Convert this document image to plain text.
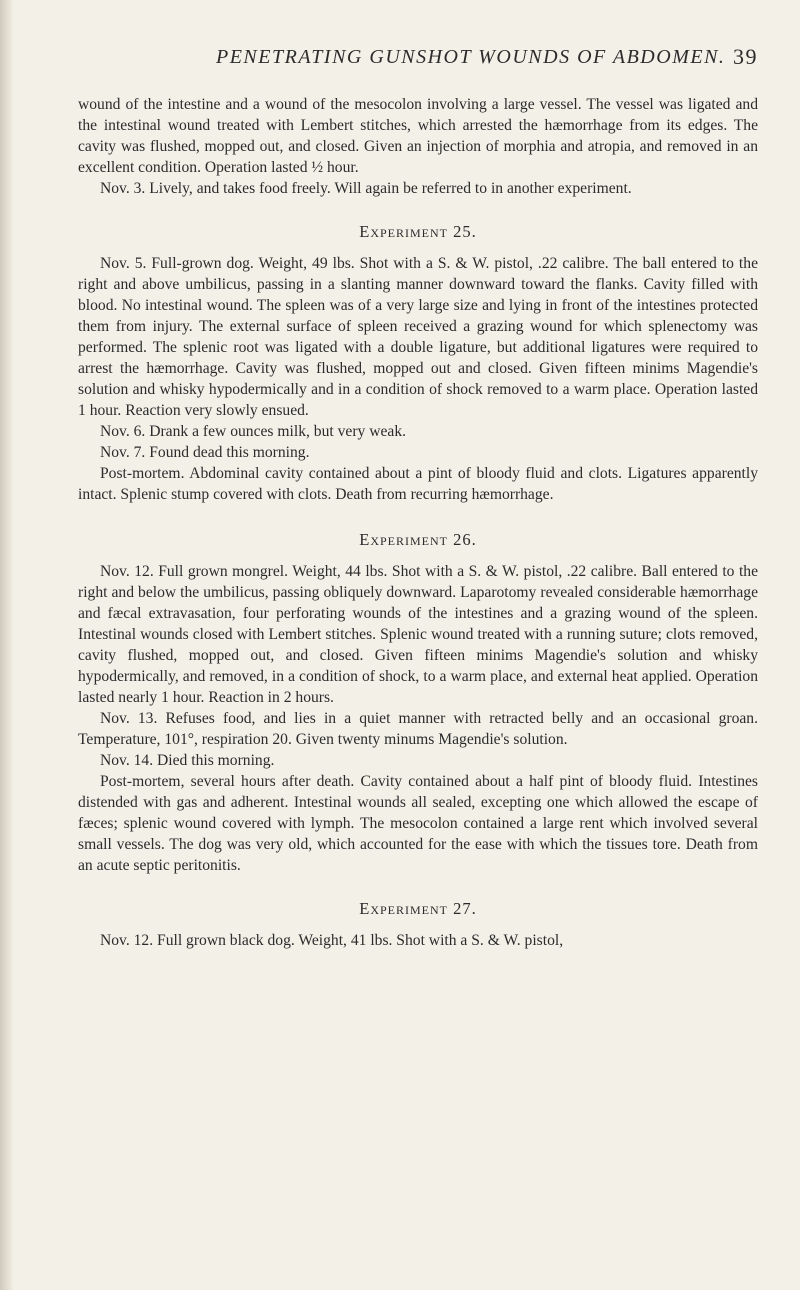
PENETRATING GUNSHOT WOUNDS OF ABDOMEN. 39

wound of the intestine and a wound of the mesocolon involving a large vessel. The vessel was ligated and the intestinal wound treated with Lembert stitches, which arrested the hæmorrhage from its edges. The cavity was flushed, mopped out, and closed. Given an injection of morphia and atropia, and removed in an excellent condition. Operation lasted ½ hour.

Nov. 3. Lively, and takes food freely. Will again be referred to in another experiment.

Experiment 25.

Nov. 5. Full-grown dog. Weight, 49 lbs. Shot with a S. & W. pistol, .22 calibre. The ball entered to the right and above umbilicus, passing in a slanting manner downward toward the flanks. Cavity filled with blood. No intestinal wound. The spleen was of a very large size and lying in front of the intestines protected them from injury. The external surface of spleen received a grazing wound for which splenectomy was performed. The splenic root was ligated with a double ligature, but additional ligatures were required to arrest the hæmorrhage. Cavity was flushed, mopped out and closed. Given fifteen minims Magendie's solution and whisky hypodermically and in a condition of shock removed to a warm place. Operation lasted 1 hour. Reaction very slowly ensued.

Nov. 6. Drank a few ounces milk, but very weak.

Nov. 7. Found dead this morning.

Post-mortem. Abdominal cavity contained about a pint of bloody fluid and clots. Ligatures apparently intact. Splenic stump covered with clots. Death from recurring hæmorrhage.

Experiment 26.

Nov. 12. Full grown mongrel. Weight, 44 lbs. Shot with a S. & W. pistol, .22 calibre. Ball entered to the right and below the umbilicus, passing obliquely downward. Laparotomy revealed considerable hæmorrhage and fæcal extravasation, four perforating wounds of the intestines and a grazing wound of the spleen. Intestinal wounds closed with Lembert stitches. Splenic wound treated with a running suture; clots removed, cavity flushed, mopped out, and closed. Given fifteen minims Magendie's solution and whisky hypodermically, and removed, in a condition of shock, to a warm place, and external heat applied. Operation lasted nearly 1 hour. Reaction in 2 hours.

Nov. 13. Refuses food, and lies in a quiet manner with retracted belly and an occasional groan. Temperature, 101°, respiration 20. Given twenty minums Magendie's solution.

Nov. 14. Died this morning.

Post-mortem, several hours after death. Cavity contained about a half pint of bloody fluid. Intestines distended with gas and adherent. Intestinal wounds all sealed, excepting one which allowed the escape of fæces; splenic wound covered with lymph. The mesocolon contained a large rent which involved several small vessels. The dog was very old, which accounted for the ease with which the tissues tore. Death from an acute septic peritonitis.

Experiment 27.

Nov. 12. Full grown black dog. Weight, 41 lbs. Shot with a S. & W. pistol,
